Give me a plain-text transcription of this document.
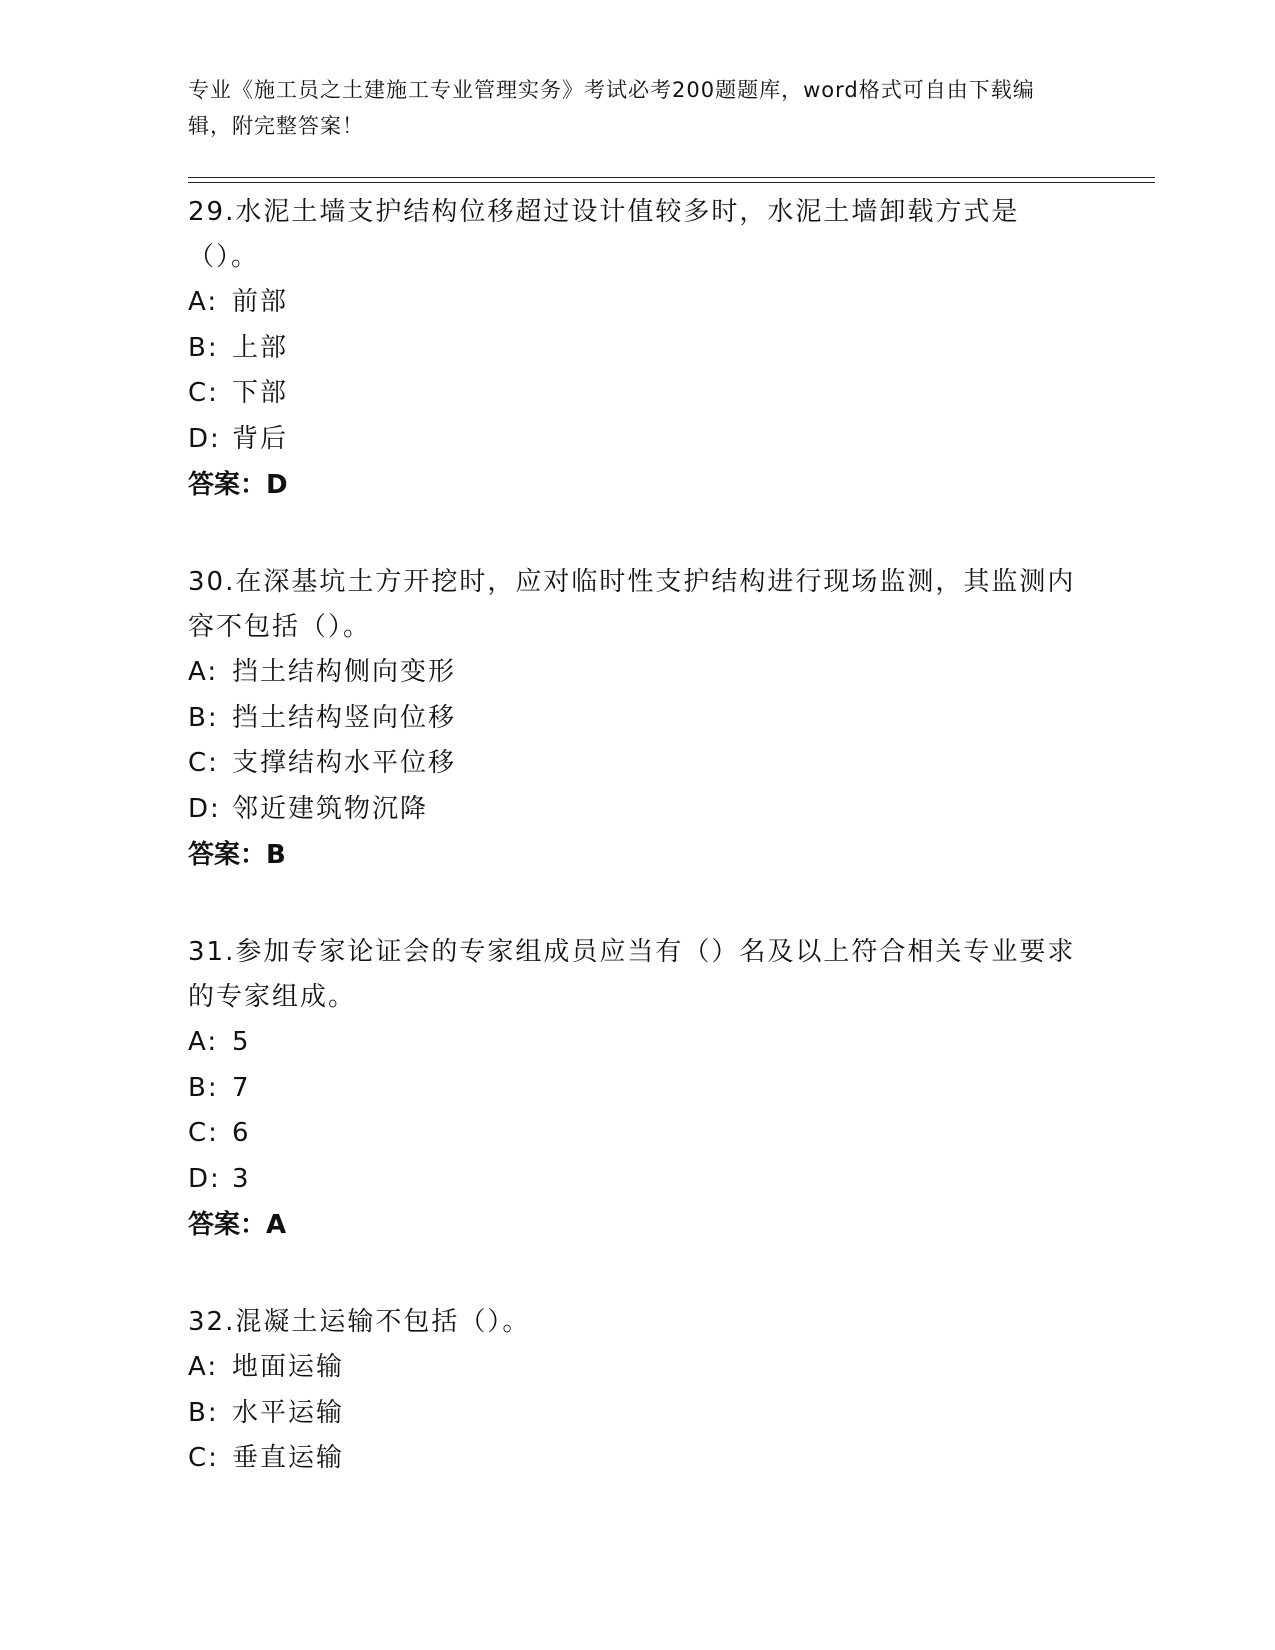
专业《施工员之土建施工专业管理实务》考试必考200题题库，word格式可自由下载编辑，附完整答案！

29.水泥土墙支护结构位移超过设计值较多时，水泥土墙卸载方式是（）。

A: 前部

B: 上部

C: 下部

D: 背后

答案：D

30.在深基坑土方开挖时，应对临时性支护结构进行现场监测，其监测内容不包括（）。

A: 挡土结构侧向变形

B: 挡土结构竖向位移

C: 支撑结构水平位移

D: 邻近建筑物沉降

答案：B

31.参加专家论证会的专家组成员应当有（）名及以上符合相关专业要求的专家组成。

A: 5

B: 7

C: 6

D: 3

答案：A

32.混凝土运输不包括（）。

A: 地面运输

B: 水平运输

C: 垂直运输
